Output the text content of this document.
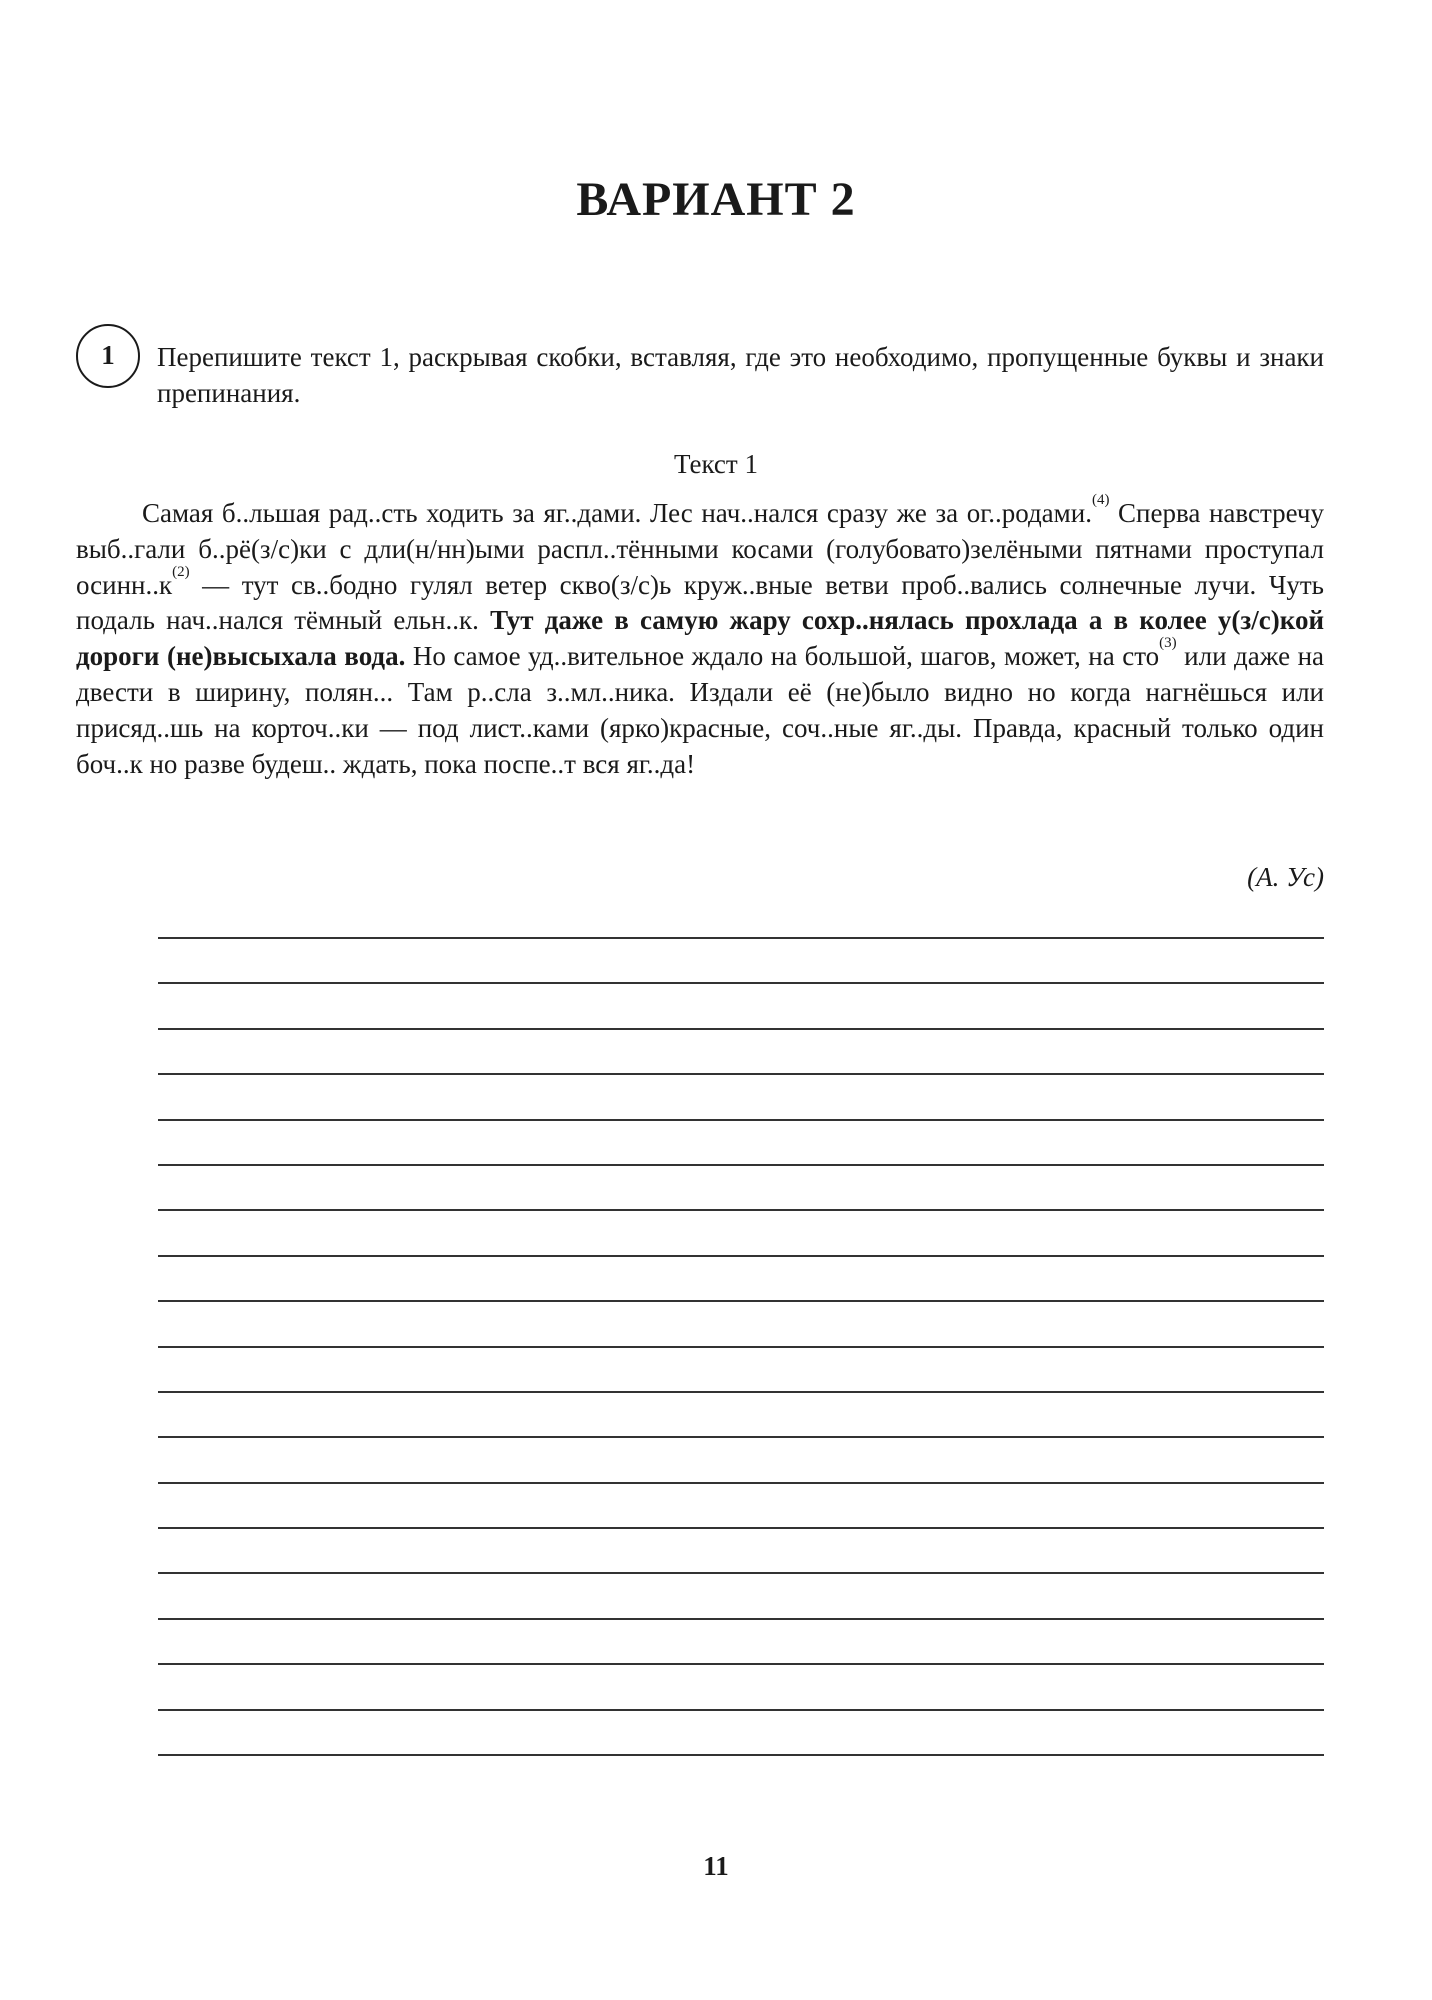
ВАРИАНТ 2
1	Перепишите текст 1, раскрывая скобки, вставляя, где это необходимо, пропущенные буквы и знаки препинания.

Текст 1

Самая б..льшая рад..сть ходить за яг..дами. Лес нач..нался сразу же за ог..родами.$^{(4)}$ Сперва навстречу выб..гали б..рё(з/с)ки с дли(н/нн)ыми распл..тёнными косами (голубовато)зелёными пятнами проступал осинн..к$^{(2)}$ — тут св..бодно гулял ветер скво(з/с)ь круж..вные ветви проб..вались солнечные лучи. Чуть подаль нач..нался тёмный ельн..к. Тут даже в самую жару сохр..нялась прохлада а в колее у(з/с)кой дороги (не)высыхала вода. Но самое уд..вительное ждало на большой, шагов, может, на сто$^{(3)}$ или даже на двести в ширину, полян... Там р..сла з..мл..ника. Издали её (не)было видно но когда нагнёшься или присяд..шь на корточ..ки — под лист..ками (ярко)красные, соч..ные яг..ды. Правда, красный только один боч..к но разве будеш.. ждать, пока поспе..т вся яг..да!

(А. Ус)
11
